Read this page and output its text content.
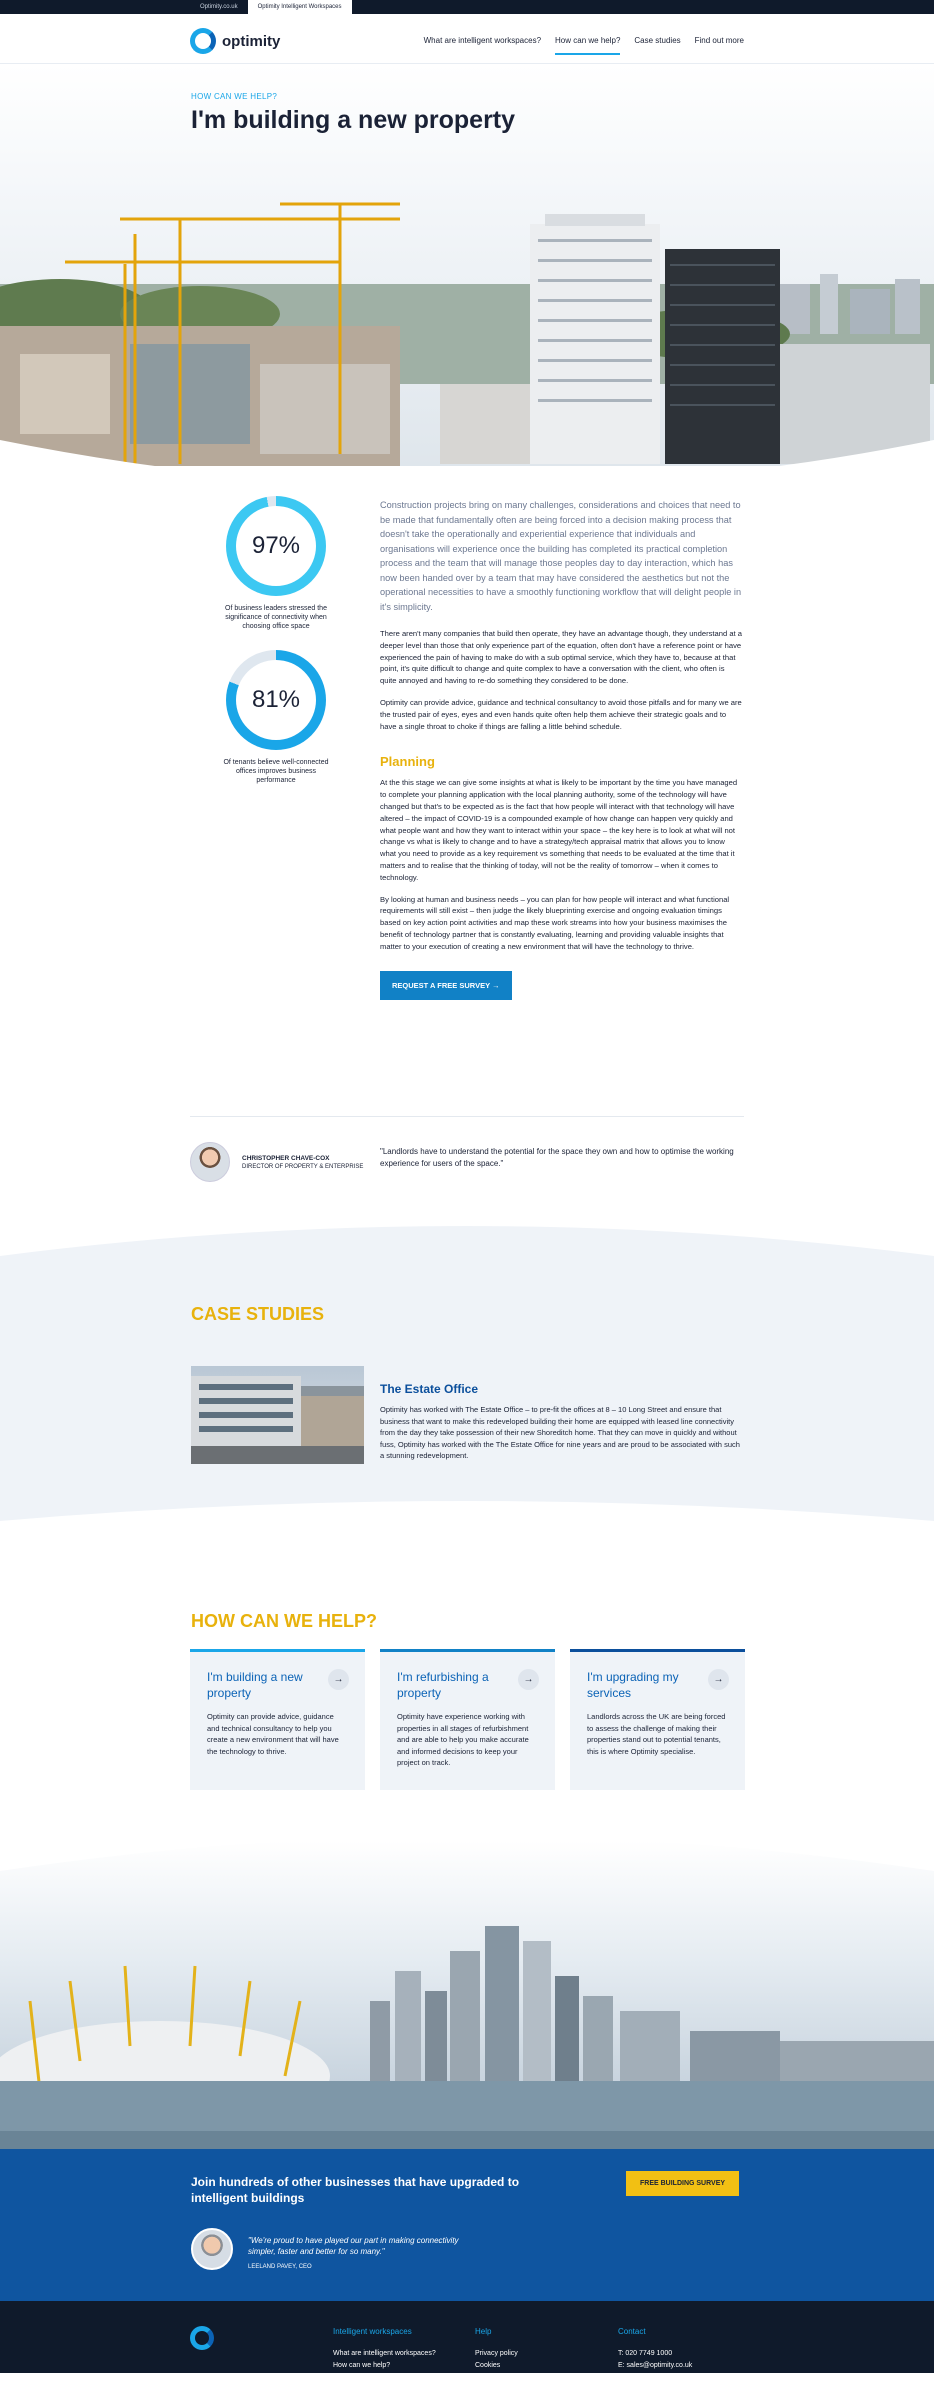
Optimity.co.uk	Optimity Intelligent Workspaces
optimity	What are intelligent workspaces? How can we help? Case studies Find out more
HOW CAN WE HELP?
I'm building a new property
97%
Of business leaders stressed the significance of connectivity when choosing office space
81%
Of tenants believe well-connected offices improves business performance

Construction projects bring on many challenges, considerations and choices that need to be made that fundamentally often are being forced into a decision making process that doesn't take the operationally and experiential experience that individuals and organisations will experience once the building has completed its practical completion process and the team that will manage those peoples day to day interaction, which has now been handed over by a team that may have considered the aesthetics but not the operational necessities to have a smoothly functioning workflow that will delight people in it's simplicity.

There aren't many companies that build then operate, they have an advantage though, they understand at a deeper level than those that only experience part of the equation, often don't have a reference point or have experienced the pain of having to make do with a sub optimal service, which they have to, because at that point, it's quite difficult to change and quite complex to have a conversation with the client, who often is quite annoyed and having to re-do something they considered to be done.

Optimity can provide advice, guidance and technical consultancy to avoid those pitfalls and for many we are the trusted pair of eyes, eyes and even hands quite often help them achieve their strategic goals and to have a single throat to choke if things are falling a little behind schedule.

Planning

At the this stage we can give some insights at what is likely to be important by the time you have managed to complete your planning application with the local planning authority, some of the technology will have changed but that's to be expected as is the fact that how people will interact with that technology will have altered – the impact of COVID-19 is a compounded example of how change can happen very quickly and what people want and how they want to interact within your space – the key here is to look at what will not change vs what is likely to change and to have a strategy/tech appraisal matrix that allows you to know what you need to provide as a key requirement vs something that needs to be evaluated at the time that it matters and to realise that the thinking of today, will not be the reality of tomorrow – when it comes to technology.

By looking at human and business needs – you can plan for how people will interact and what functional requirements will still exist – then judge the likely blueprinting exercise and ongoing evaluation timings based on key action point activities and map these work streams into how your business maximises the benefit of technology partner that is constantly evaluating, learning and providing valuable insights that matter to your execution of creating a new environment that will have the technology to thrive.

REQUEST A FREE SURVEY →
CHRISTOPHER CHAVE-COX
DIRECTOR OF PROPERTY & ENTERPRISE

"Landlords have to understand the potential for the space they own and how to optimise the working experience for users of the space."

CASE STUDIES
The Estate Office

Optimity has worked with The Estate Office – to pre-fit the offices at 8 – 10 Long Street and ensure that business that want to make this redeveloped building their home are equipped with leased line connectivity from the day they take possession of their new Shoreditch home. That they can move in quickly and without fuss, Optimity has worked with the The Estate Office for nine years and are proud to be associated with such a stunning redevelopment.

HOW CAN WE HELP?
I'm building a new property
→

Optimity can provide advice, guidance and technical consultancy to help you create a new environment that will have the technology to thrive.

I'm refurbishing a property
→

Optimity have experience working with properties in all stages of refurbishment and are able to help you make accurate and informed decisions to keep your project on track.

I'm upgrading my services
→

Landlords across the UK are being forced to assess the challenge of making their properties stand out to potential tenants, this is where Optimity specialise.

Join hundreds of other businesses that have upgraded to intelligent buildings
FREE BUILDING SURVEY

"We're proud to have played our part in making connectivity simpler, faster and better for so many."

LEELAND PAVEY, CEO
Intelligent workspaces
What are intelligent workspaces?
How can we help?
Help
Privacy policy
Cookies
Contact
T: 020 7749 1000
E: sales@optimity.co.uk
